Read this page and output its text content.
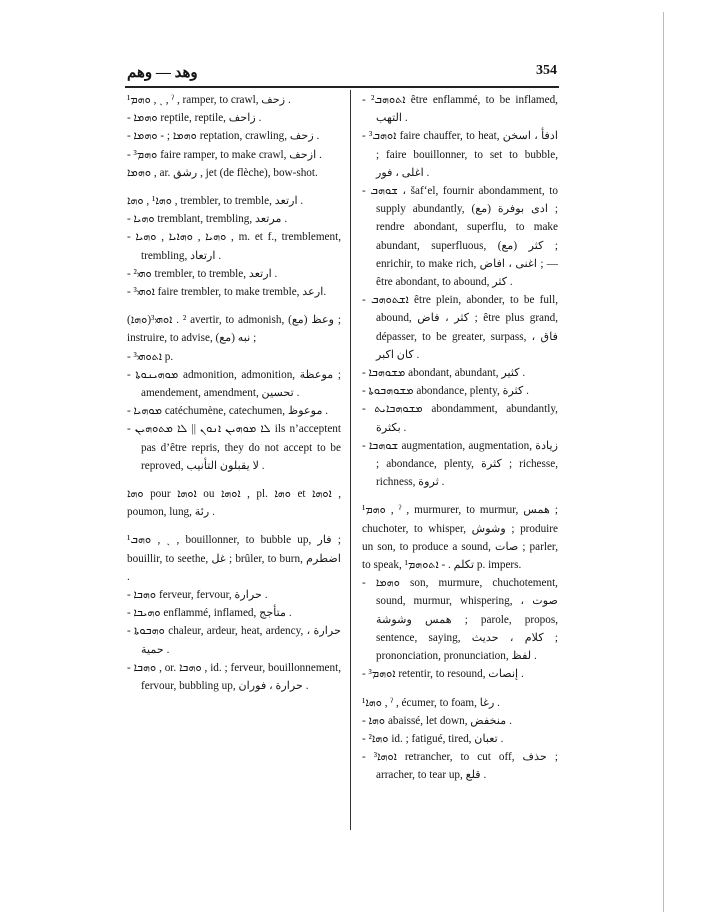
وهد — وهم	354
ܘܗܡ¹ , ˏ , ˀ , ramper, to crawl, زحف .
- ܘܗܡܐ reptile, reptile, زاحف .
- ܘܗܡܐ ; - ܘܗܡܐ reptation, crawling, زحف .
- ܘܗܡ³ faire ramper, to make crawl, ازحف .
ܘܗܡܐ , ar. رشق , jet (de flèche), bow-shot.
ܘܗܐ¹ , ܘܗܐ , trembler, to tremble, ارتعد .
- ܘܗܝܐ tremblant, trembling, مرتعد .
- ܘܗܝܐ , ܘܗܐܝܐ , ܘܗܝܐ , m. et f., tremblement, trembling, ارتعاد .
- ܘܗܝ² trembler, to tremble, ارتعد .
- ܐܘܗܝ³ faire trembler, to make tremble, ارعد.
(ܘܗܐ)² . ܐܘܗܝ³ avertir, to admonish, (مع) وعظ ; instruire, to advise, (مع) نبه ;
- ܐܬܘܗܝ³ p.
- ܡܘܗܝܢܘܬܐ admonition, admonition, موعظة ; amendement, amendment, تحسين .
- ܡܘܗܝܐ catéchumène, catechumen, موعوظ .
- ܠܐ ܡܘܗܝܢ ܐܢܘܢ || ܠܐ ܡܬܘܗܝܢ ils n’acceptent pas d’être repris, they do not accept to be reproved, لا يقبلون التأنيب .
ܘܗܐ pour ܐܘܗܐ ou ܐܘܗܐ , pl. ܘܗܐ et ܐܘܗܐ , poumon, lung, رئة .
ܘܗܒ¹ , ˏ , bouillonner, to bubble up, فار ; bouillir, to seethe, غل ; brûler, to burn, اضطرم .
- ܘܗܒܐ ferveur, fervour, حرارة .
- ܘܗܝܒܐ enflammé, inflamed, متأجج .
- ܘܗܒܘܬܐ chaleur, ardeur, heat, ardency, حرارة ، حمية .
- ܘܗܒܐ , or. ܘܗܒܐ , id. ; ferveur, bouillonnement, fervour, bubbling up, حرارة ، فوران .
- ܐܬܘܗܒ² être enflammé, to be inflamed, التهب .
- ܐܘܗܒ³ faire chauffer, to heat, ادفأ ، اسخن ; faire bouillonner, to set to bubble, اغلى ، فور .
- ܫܘܗܒ ، šaf‘el, fournir abondamment, to supply abundantly, (مع) ادى بوفرة ; rendre abondant, superflu, to make abundant, superfluous, (مع) كثر ; enrichir, to make rich, اغنى ، افاض ; — être abondant, to abound, كثر .
- ܐܫܬܘܗܒ être plein, abonder, to be full, abound, كثر ، فاض ; être plus grand, dépasser, to be greater, surpass, فاق ، كان اكبر .
- ܡܫܘܗܒܐ abondant, abundant, كثير .
- ܡܫܘܗܒܘܬܐ abondance, plenty, كثرة .
- ܡܫܘܗܒܐܝܬ abondamment, abundantly, بكثرة .
- ܫܘܗܒܐ augmentation, augmentation, زيادة ; abondance, plenty, كثرة ; richesse, richness, ثروة .
ܘܗܡ¹ , ˀ , murmurer, to murmur, همس ; chuchoter, to whisper, وشوش ; produire un son, to produce a sound, صات ; parler, to speak, تكلم . - ܐܬܘܗܡ¹ p. impers.
- ܘܗܡܐ son, murmure, chuchotement, sound, murmur, whispering, صوت ، همس وشوشة ; parole, propos, sentence, saying, كلام ، حديث ; prononciation, pronunciation, لفظ .
- ܐܘܗܡ³ retentir, to resound, إنصات .
ܘܗܐ¹ , ˀ , écumer, to foam, رغا .
- ܘܗܐ abaissé, let down, منخفض .
- ܘܗܐ² id. ; fatigué, tired, تعبان .
- ܐܘܗܐ³ retrancher, to cut off, حذف ; arracher, to tear up, قلع .
